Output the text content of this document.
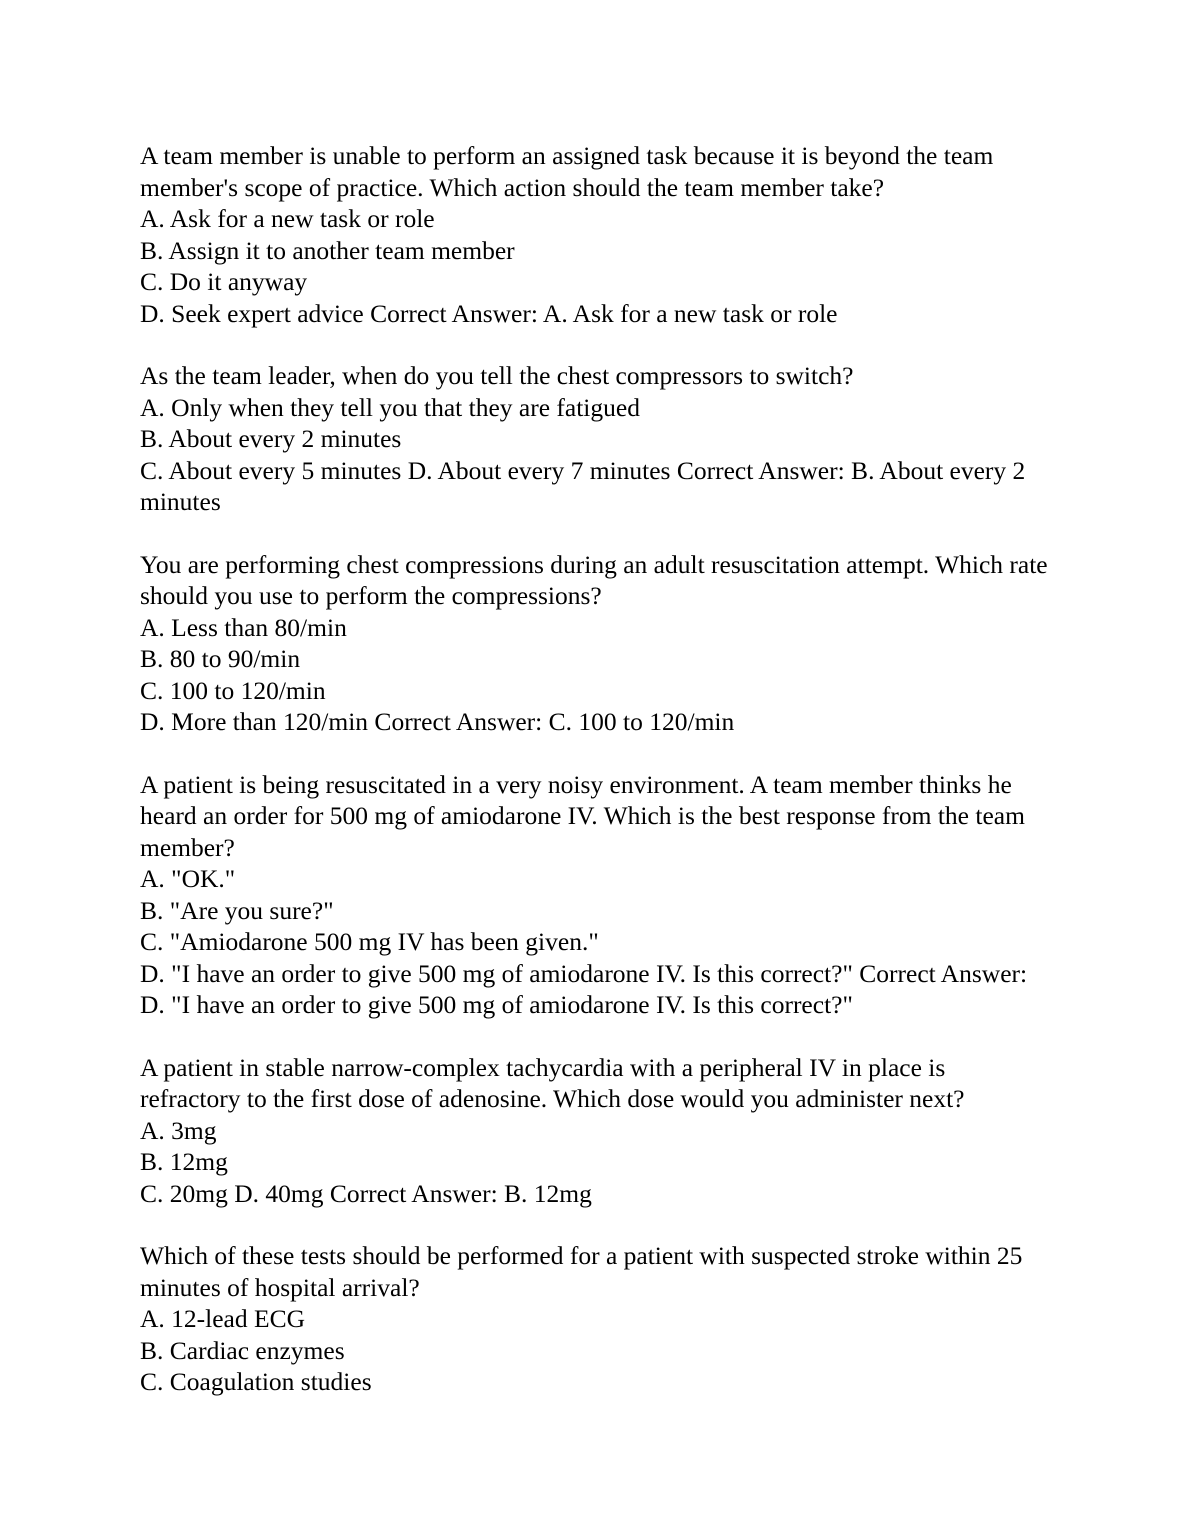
A team member is unable to perform an assigned task because it is beyond the team member's scope of practice. Which action should the team member take?

A. Ask for a new task or role

B. Assign it to another team member

C. Do it anyway

D. Seek expert advice Correct Answer: A. Ask for a new task or role

As the team leader, when do you tell the chest compressors to switch?

A. Only when they tell you that they are fatigued

B. About every 2 minutes

C. About every 5 minutes D. About every 7 minutes Correct Answer: B. About every 2 minutes

You are performing chest compressions during an adult resuscitation attempt. Which rate should you use to perform the compressions?

A. Less than 80/min

B. 80 to 90/min

C. 100 to 120/min

D. More than 120/min Correct Answer: C. 100 to 120/min

A patient is being resuscitated in a very noisy environment. A team member thinks he heard an order for 500 mg of amiodarone IV. Which is the best response from the team member?

A. "OK."

B. "Are you sure?"

C. "Amiodarone 500 mg IV has been given."

D. "I have an order to give 500 mg of amiodarone IV. Is this correct?" Correct Answer: D. "I have an order to give 500 mg of amiodarone IV. Is this correct?"

A patient in stable narrow-complex tachycardia with a peripheral IV in place is refractory to the first dose of adenosine. Which dose would you administer next?

A. 3mg

B. 12mg

C. 20mg D. 40mg Correct Answer: B. 12mg

Which of these tests should be performed for a patient with suspected stroke within 25 minutes of hospital arrival?

A. 12-lead ECG

B. Cardiac enzymes

C. Coagulation studies
